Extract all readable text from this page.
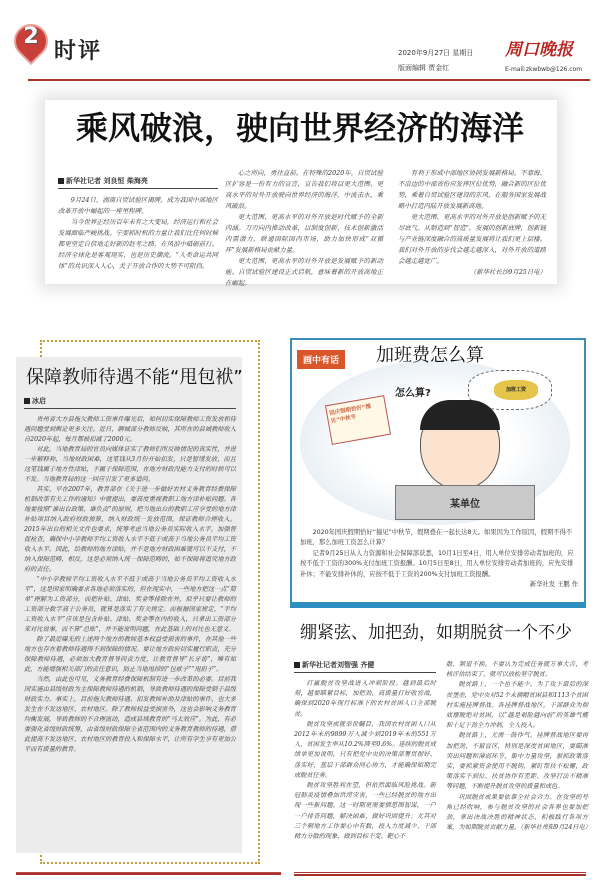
2
时评	2020年9月27日 星期日
版面编辑 贾金红
周口晚报
E-mail:zkwbwb@126.com
乘风破浪，驶向世界经济的海洋
新华社记者 刘良恒 柴海亮

9月24日，湖南自贸试验区揭牌，成为我国中部地区改革开放中崛起的一座里程碑。

当今世界正经历百年未有之大变局，经济运行和社会发展面临严峻挑战。宁要抓时机的力量让我们比任何时候都更坚定自信地走好新的赶考之路，在风浪中砥砺前行。经济全球化是客观现实，也是历史潮流。“人类命运共同体”的共识深入人心，关于开放合作的大势不可阻挡。

心之所向，勇往直前。在特殊的2020年，自贸试验区扩容是一份有力的宣言，宣告我们将以更大范围、更高水平的对外开放驶向世界经济的海洋，中流击水，乘风破浪。

更大范围、更高水平的对外开放是时代赋予的全新内涵。刀刃向内推动改革，以制度创新、技术创新激活内需潜力，联通国际国内市场，助力加快形成“双循环”发展新格局贡献力量。

更大范围、更高水平的对外开放是发展赋予的新动能。自贸试验区建设正式启航，意味着新的开放高地正在崛起。

有利于形成中部地区协同发展新格局。不靠海、不沿边的中部省份应发挥区位优势，融合新的区位优势，乘着自贸试验区建设的东风，在服务国家发展战略中打造内陆开放发展新高地。

更大范围、更高水平的对外开放是创新赋予的无尽底气。从制造到“智造”，发展的创新底牌，创新链与产业链深度融合的高质量发展将让我们更上层楼。我们对外开放的步伐会越走越深入，对外开放的道路会越走越宽广。

（新华社长沙9月25日电）

保障教师待遇不能“甩包袱”
冰启

贵州省大方县拖欠教师工资事件曝光后，如何切实保障教师工资发放和待遇问题受到舆论更多关注。近日，聊城部分教师反映，其所在的县城教师收入自2020年起，每月都被扣减了2000元。

对此，当地教育局的官员向媒体证实了教师们所反映情况的真实性，并进一步解释称，当地财政困难，这笔钱从3月份开始扣发，只是暂缓发放，而且这笔钱属于地方性津贴，不属于保障范围，在地方财政没能力支付的时候可以不发。当地教育局的这一回应引发了更多追问。

其实，早在2007年，教育部在《关于进一步做好农村义务教育经费保障机制改革有关工作的通知》中就提出，要高度重视教职工地方津补贴问题。各地要按照“谁出台政策、谁负责”的原则，把当地出台的教职工应享受的地方津补贴项目纳入政府财政预算，纳入财政统一发放范围，保证教师合理收入。2015年出台的相关文件也要求，统筹考虑当地公务员实际收入水平，加强督促检查，确保中小学教师平均工资收入水平不低于或高于当地公务员平均工资收入水平。因此，给教师的地方津贴，并不是地方财政困难就可以不支付，不纳入保障范畴，相反，这是必须纳入统一保障范畴的，如不保障将追究地方政府的责任。

“中小学教师平均工资收入水平不低于或高于当地公务员平均工资收入水平”，这是国家明确要求各地必须落实的，但在现实中，一些地方把这一点“简单”理解为工资部分，而把补贴、津贴、奖金等排除在外，似乎只要让教师的工资部分数字高于公务员，就算是落实了有关规定。而根据国家规定，“平均工资收入水平”应该是包含补贴、津贴、奖金等在内的收入，只拿出工资部分来对比说事，而不算“总账”，并不能说明问题，在此基础上的对比也无意义。

除了最近曝光的上述两个地方的教师基本权益受损害的事件，在其他一些地方也存在着教师待遇得不到保障的情况。要让地方政府切实履行职责，充分保障教师待遇，必须加大教育督导问责力度，让教育督导“长牙齿”，唯有如此，方能增强相关部门的责任意识，防止当地甩掉的“包袱子”“甩担子”。

当然，由此也可见，义务教育经费保障机制有进一步改革的必要。目前我国实施由县级财政为主保障教师待遇的机制，导致教师待遇的保障受制于县级财政实力。事实上，目前拖欠教师待遇、扣发教师补助及津贴的事件，也大多发生在不发达地区、农村地区。除了教师权益受损害外，这也会影响义务教育均衡发展，导致教师的不合理流动，造成县域教育的“马太效应”。为此，有必要强化省级财政统筹，由省级财政保障全省范围内的义务教育教师的待遇，借此提高不发达地区、农村地区的教育投入和保障水平，让所有学生享有更加公平而有质量的教育。

画中有话	加班费怎么算
加班工资
怎么算?
国庆假期恰好“撞见”中秋节
某单位

2020年国庆假期恰好“撞见”中秋节，假期叠在一起长达8天。如果因为工作原因，假期不得不加班，那么加班工资怎么计算？

记者9月25日从人力资源和社会保障部获悉，10月1日至4日，用人单位安排劳动者加班的，应按不低于工资的300%支付加班工资报酬。10月5日至8日，用人单位安排劳动者加班的，应先安排补休；不能安排补休的，应按不低于工资的200%支付加班工资报酬。

新华社发 王鹏 作
绷紧弦、加把劲，如期脱贫一个不少
新华社记者刘智强 齐健

打赢脱贫攻坚战进入冲刺阶段。越到最后时刻，越要瞄紧目标，加把劲，高质量打好收官战，确保到2020年现行标准下的农村贫困人口全部脱贫。

脱贫攻坚成就举世瞩目，我国农村贫困人口从2012年末的9899万人减少到2019年末的551万人，贫困发生率从10.2%降至0.6%。连续的脱贫成绩单更加说明，只有把党中央的决策部署贯彻好、落实好，基层干部群众同心协力，才能确保如期完成脱贫任务。

脱贫攻坚胜利在望，但依然面临风险挑战。新冠肺炎疫情叠加洪涝灾害，一些已经脱贫的地方出现一些新问题。这一时期更需要慎思图智谋，一户一户排查问题，解决困难，做好巩固提升；尤其对三个剩地方工作要心中有数，投入力度减少、干部精力分散的现象，做到目标不变、靶心不

散、频道不换。不要认为完成任务就万事大吉，考核评估结束了，就可以放松坚守脱贫。

脱贫路上，一个也不能少。为了攻下最后的深贫堡垒，党中央对52个未摘帽贫困县和1113个贫困村实施挂牌督战。各挂牌督战地区，干部群众为彻底摆脱绝对贫困，以“越是艰险越向前”的英雄气概和十足干劲全力冲刺，全人投入。

脱贫路上，尤需一鼓作气。挂牌督战地区要再加把劲，不留盲区，特别是深度贫困地区，要瞄准突出问题和薄弱环节，集中力量攻坚，狠抓政策落实，要抓紧资金使用不脱钩，紧盯帮扶不松懈，政策落实不到位、扶贫协作有差距、攻坚打法不精准等问题，不断提升脱贫攻坚的质量和成色。

巩固脱贫成果要依靠全社会合力。在攻坚的号角已经吹响，参与脱贫攻坚的社会各界也要加把劲，拿出决战决胜的精神状态，积极践行各项方案，为如期脱贫贡献力量。（新华社贵阳9月24日电）
